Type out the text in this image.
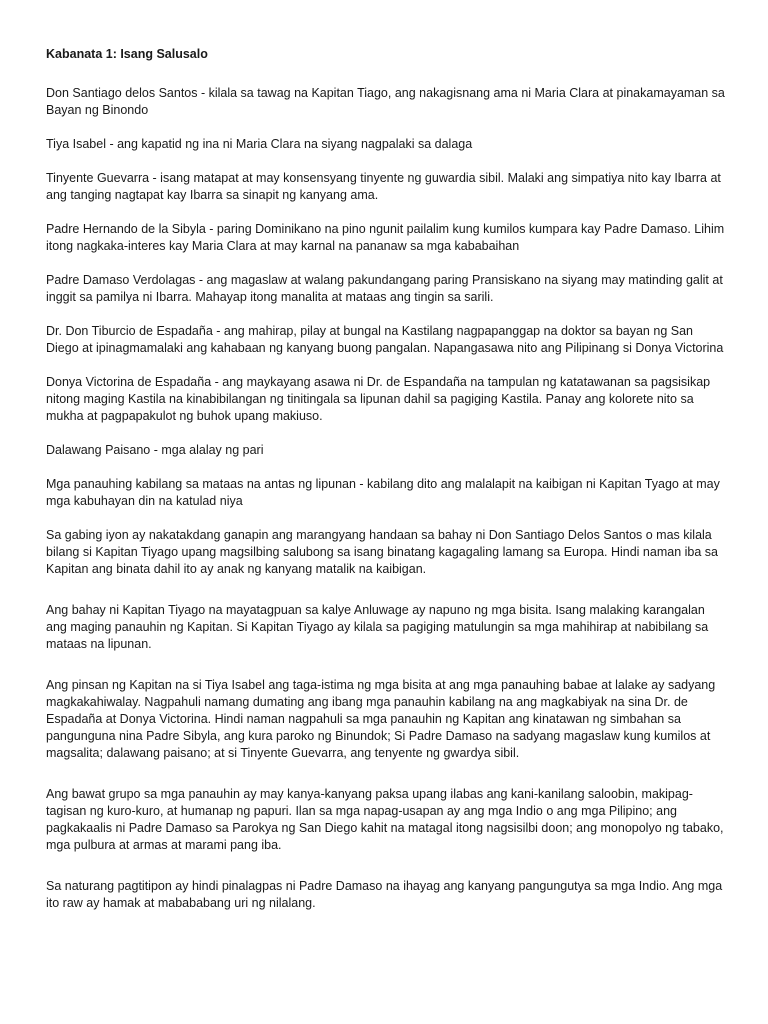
Kabanata 1: Isang Salusalo

Don Santiago delos Santos - kilala sa tawag na Kapitan Tiago, ang nakagisnang ama ni Maria Clara at pinakamayaman sa Bayan ng Binondo

Tiya Isabel - ang kapatid ng ina ni Maria Clara na siyang nagpalaki sa dalaga

Tinyente Guevarra - isang matapat at may konsensyang tinyente ng guwardia sibil. Malaki ang simpatiya nito kay Ibarra at ang tanging nagtapat kay Ibarra sa sinapit ng kanyang ama.

Padre Hernando de la Sibyla - paring Dominikano na pino ngunit pailalim kung kumilos kumpara kay Padre Damaso. Lihim itong nagkaka-interes kay Maria Clara at may karnal na pananaw sa mga kababaihan

Padre Damaso Verdolagas - ang magaslaw at walang pakundangang paring Pransiskano na siyang may matinding galit at inggit sa pamilya ni Ibarra. Mahayap itong manalita at mataas ang tingin sa sarili.

Dr. Don Tiburcio de Espadaña - ang mahirap, pilay at bungal na Kastilang nagpapanggap na doktor sa bayan ng San Diego at ipinagmamalaki ang kahabaan ng kanyang buong pangalan. Napangasawa nito ang Pilipinang si Donya Victorina

Donya Victorina de Espadaña - ang maykayang asawa ni Dr. de Espandaña na tampulan ng katatawanan sa pagsisikap nitong maging Kastila na kinabibilangan ng tinitingala sa lipunan dahil sa pagiging Kastila. Panay ang kolorete nito sa mukha at pagpapakulot ng buhok upang makiuso.

Dalawang Paisano - mga alalay ng pari

Mga panauhing kabilang sa mataas na antas ng lipunan - kabilang dito ang malalapit na kaibigan ni Kapitan Tyago at may mga kabuhayan din na katulad niya

Sa gabing iyon ay nakatakdang ganapin ang marangyang handaan sa bahay ni Don Santiago Delos Santos o mas kilala bilang si Kapitan Tiyago upang magsilbing salubong sa isang binatang kagagaling lamang sa Europa. Hindi naman iba sa Kapitan ang binata dahil ito ay anak ng kanyang matalik na kaibigan.

Ang bahay ni Kapitan Tiyago na mayatagpuan sa kalye Anluwage ay napuno ng mga bisita. Isang malaking karangalan ang maging panauhin ng Kapitan. Si Kapitan Tiyago ay kilala sa pagiging matulungin sa mga mahihirap at nabibilang sa mataas na lipunan.

Ang pinsan ng Kapitan na si Tiya Isabel ang taga-istima ng mga bisita at ang mga panauhing babae at lalake ay sadyang magkakahiwalay. Nagpahuli namang dumating ang ibang mga panauhin kabilang na ang magkabiyak na sina Dr. de Espadaña at Donya Victorina. Hindi naman nagpahuli sa mga panauhin ng Kapitan ang kinatawan ng simbahan sa pangunguna nina Padre Sibyla, ang kura paroko ng Binundok; Si Padre Damaso na sadyang magaslaw kung kumilos at magsalita; dalawang paisano; at si Tinyente Guevarra, ang tenyente ng gwardya sibil.

Ang bawat grupo sa mga panauhin ay may kanya-kanyang paksa upang ilabas ang kani-kanilang saloobin, makipag-tagisan ng kuro-kuro, at humanap ng papuri. Ilan sa mga napag-usapan ay ang mga Indio o ang mga Pilipino; ang pagkakaalis ni Padre Damaso sa Parokya ng San Diego kahit na matagal itong nagsisilbi doon; ang monopolyo ng tabako, mga pulbura at armas at marami pang iba.

Sa naturang pagtitipon ay hindi pinalagpas ni Padre Damaso na ihayag ang kanyang pangungutya sa mga Indio. Ang mga ito raw ay hamak at mabababang uri ng nilalang.
